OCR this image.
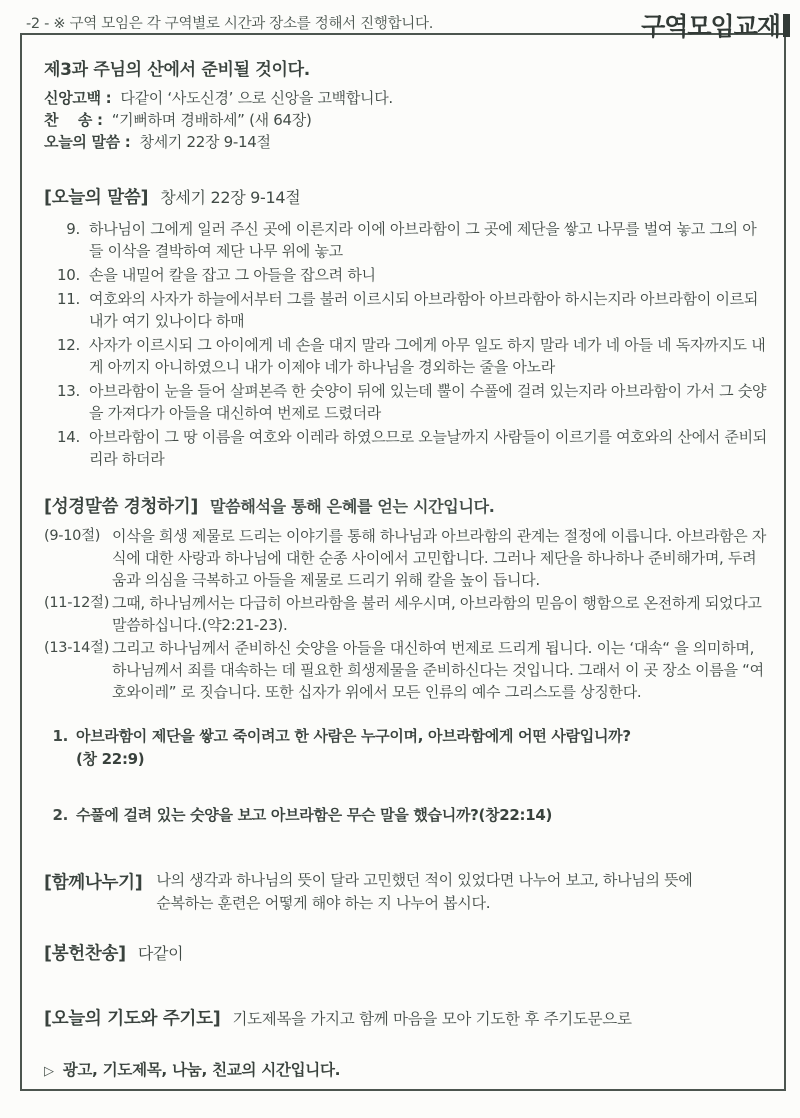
-2 - ※ 구역 모임은 각 구역별로 시간과 장소를 정해서 진행합니다.	구역모임교재
제3과 주님의 산에서 준비될 것이다.
신앙고백 : 다같이 ‘사도신경’ 으로 신앙을 고백합니다.
찬    송 : “기뻐하며 경배하세” (새 64장)
오늘의 말씀 : 창세기 22장 9-14절
[오늘의 말씀] 창세기 22장 9-14절
9. 하나님이 그에게 일러 주신 곳에 이른지라 이에 아브라함이 그 곳에 제단을 쌓고 나무를 벌여 놓고 그의 아들 이삭을 결박하여 제단 나무 위에 놓고
10. 손을 내밀어 칼을 잡고 그 아들을 잡으려 하니
11. 여호와의 사자가 하늘에서부터 그를 불러 이르시되 아브라함아 아브라함아 하시는지라 아브라함이 이르되 내가 여기 있나이다 하매
12. 사자가 이르시되 그 아이에게 네 손을 대지 말라 그에게 아무 일도 하지 말라 네가 네 아들 네 독자까지도 내게 아끼지 아니하였으니 내가 이제야 네가 하나님을 경외하는 줄을 아노라
13. 아브라함이 눈을 들어 살펴본즉 한 숫양이 뒤에 있는데 뿔이 수풀에 걸려 있는지라 아브라함이 가서 그 숫양을 가져다가 아들을 대신하여 번제로 드렸더라
14. 아브라함이 그 땅 이름을 여호와 이레라 하였으므로 오늘날까지 사람들이 이르기를 여호와의 산에서 준비되리라 하더라
[성경말씀 경청하기] 말씀해석을 통해 은혜를 얻는 시간입니다.
(9-10절) 이삭을 희생 제물로 드리는 이야기를 통해 하나님과 아브라함의 관계는 절정에 이릅니다. 아브라함은 자식에 대한 사랑과 하나님에 대한 순종 사이에서 고민합니다. 그러나 제단을 하나하나 준비해가며, 두려움과 의심을 극복하고 아들을 제물로 드리기 위해 칼을 높이 듭니다.
(11-12절) 그때, 하나님께서는 다급히 아브라함을 불러 세우시며, 아브라함의 믿음이 행함으로 온전하게 되었다고 말씀하십니다.(약2:21-23).
(13-14절) 그리고 하나님께서 준비하신 숫양을 아들을 대신하여 번제로 드리게 됩니다. 이는 ‘대속“ 을 의미하며, 하나님께서 죄를 대속하는 데 필요한 희생제물을 준비하신다는 것입니다. 그래서 이 곳 장소 이름을 “여호와이레” 로 짓습니다. 또한 십자가 위에서 모든 인류의 예수 그리스도를 상징한다.
1. 아브라함이 제단을 쌓고 죽이려고 한 사람은 누구이며, 아브라함에게 어떤 사람입니까?
(창 22:9)
2. 수풀에 걸려 있는 숫양을 보고 아브라함은 무슨 말을 했습니까?(창22:14)
[함께나누기] 나의 생각과 하나님의 뜻이 달라 고민했던 적이 있었다면 나누어 보고, 하나님의 뜻에 순복하는 훈련은 어떻게 해야 하는 지 나누어 봅시다.
[봉헌찬송] 다같이
[오늘의 기도와 주기도] 기도제목을 가지고 함께 마음을 모아 기도한 후 주기도문으로
▷ 광고, 기도제목, 나눔, 친교의 시간입니다.
